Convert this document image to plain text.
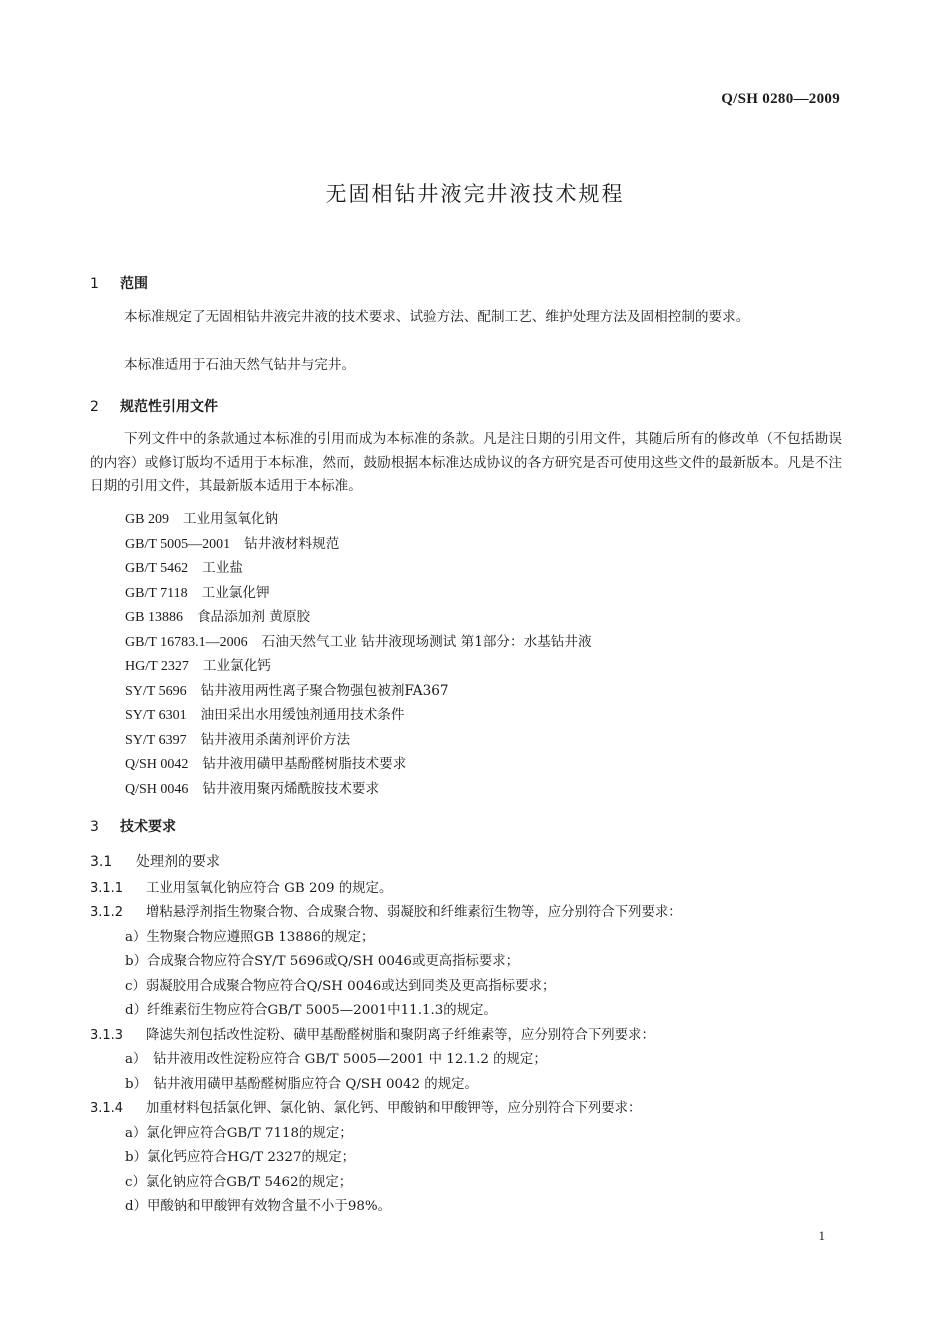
Q/SH 0280—2009
无固相钻井液完井液技术规程
1 范围
本标准规定了无固相钻井液完井液的技术要求、试验方法、配制工艺、维护处理方法及固相控制的要求。
本标准适用于石油天然气钻井与完井。
2 规范性引用文件
下列文件中的条款通过本标准的引用而成为本标准的条款。凡是注日期的引用文件，其随后所有的修改单（不包括勘误的内容）或修订版均不适用于本标准，然而，鼓励根据本标准达成协议的各方研究是否可使用这些文件的最新版本。凡是不注日期的引用文件，其最新版本适用于本标准。
GB 209 工业用氢氧化钠
GB/T 5005—2001 钻井液材料规范
GB/T 5462 工业盐
GB/T 7118 工业氯化钾
GB 13886 食品添加剂 黄原胶
GB/T 16783.1—2006 石油天然气工业 钻井液现场测试 第1部分：水基钻井液
HG/T 2327 工业氯化钙
SY/T 5696 钻井液用两性离子聚合物强包被剂FA367
SY/T 6301 油田采出水用缓蚀剂通用技术条件
SY/T 6397 钻井液用杀菌剂评价方法
Q/SH 0042 钻井液用磺甲基酚醛树脂技术要求
Q/SH 0046 钻井液用聚丙烯酰胺技术要求
3 技术要求
3.1 处理剂的要求
3.1.1 工业用氢氧化钠应符合 GB 209 的规定。
3.1.2 增粘悬浮剂指生物聚合物、合成聚合物、弱凝胶和纤维素衍生物等，应分别符合下列要求：
a）生物聚合物应遵照GB 13886的规定；
b）合成聚合物应符合SY/T 5696或Q/SH 0046或更高指标要求；
c）弱凝胶用合成聚合物应符合Q/SH 0046或达到同类及更高指标要求；
d）纤维素衍生物应符合GB/T 5005—2001中11.1.3的规定。
3.1.3 降滤失剂包括改性淀粉、磺甲基酚醛树脂和聚阴离子纤维素等，应分别符合下列要求：
a）　钻井液用改性淀粉应符合 GB/T 5005—2001 中 12.1.2 的规定；
b）　钻井液用磺甲基酚醛树脂应符合 Q/SH 0042 的规定。
3.1.4 加重材料包括氯化钾、氯化钠、氯化钙、甲酸钠和甲酸钾等，应分别符合下列要求：
a）氯化钾应符合GB/T 7118的规定；
b）氯化钙应符合HG/T 2327的规定；
c）氯化钠应符合GB/T 5462的规定；
d）甲酸钠和甲酸钾有效物含量不小于98%。
1
